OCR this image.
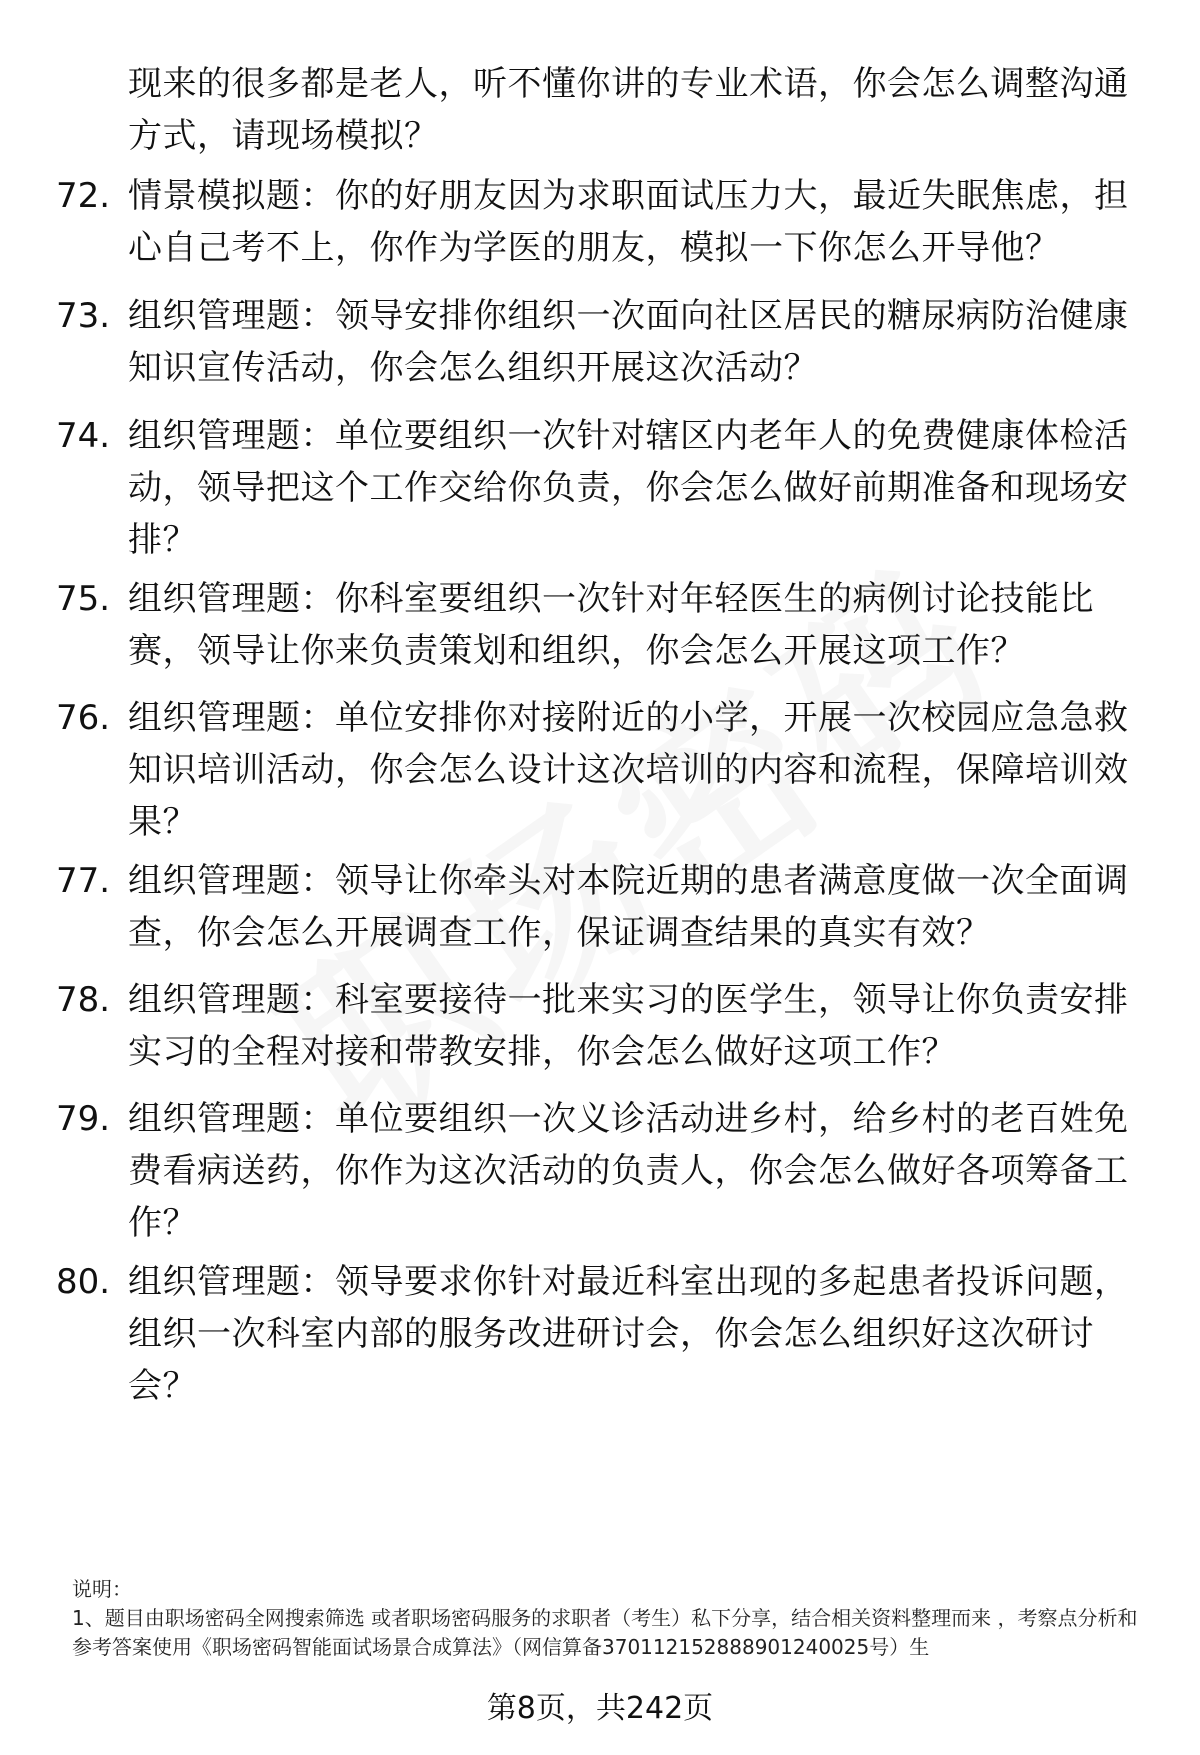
现来的很多都是老人，听不懂你讲的专业术语，你会怎么调整沟通方式，请现场模拟？
72. 情景模拟题：你的好朋友因为求职面试压力大，最近失眠焦虑，担心自己考不上，你作为学医的朋友，模拟一下你怎么开导他？
73. 组织管理题：领导安排你组织一次面向社区居民的糖尿病防治健康知识宣传活动，你会怎么组织开展这次活动？
74. 组织管理题：单位要组织一次针对辖区内老年人的免费健康体检活动，领导把这个工作交给你负责，你会怎么做好前期准备和现场安排？
75. 组织管理题：你科室要组织一次针对年轻医生的病例讨论技能比赛，领导让你来负责策划和组织，你会怎么开展这项工作？
76. 组织管理题：单位安排你对接附近的小学，开展一次校园应急急救知识培训活动，你会怎么设计这次培训的内容和流程，保障培训效果？
77. 组织管理题：领导让你牵头对本院近期的患者满意度做一次全面调查，你会怎么开展调查工作，保证调查结果的真实有效？
78. 组织管理题：科室要接待一批来实习的医学生，领导让你负责安排实习的全程对接和带教安排，你会怎么做好这项工作？
79. 组织管理题：单位要组织一次义诊活动进乡村，给乡村的老百姓免费看病送药，你作为这次活动的负责人，你会怎么做好各项筹备工作？
80. 组织管理题：领导要求你针对最近科室出现的多起患者投诉问题，组织一次科室内部的服务改进研讨会，你会怎么组织好这次研讨会？
说明：
1、题目由职场密码全网搜索筛选 或者职场密码服务的求职者（考生）私下分享，结合相关资料整理而来 ，考察点分析和参考答案使用《职场密码智能面试场景合成算法》（网信算备370112152888901240025号）生
第8页，共242页
